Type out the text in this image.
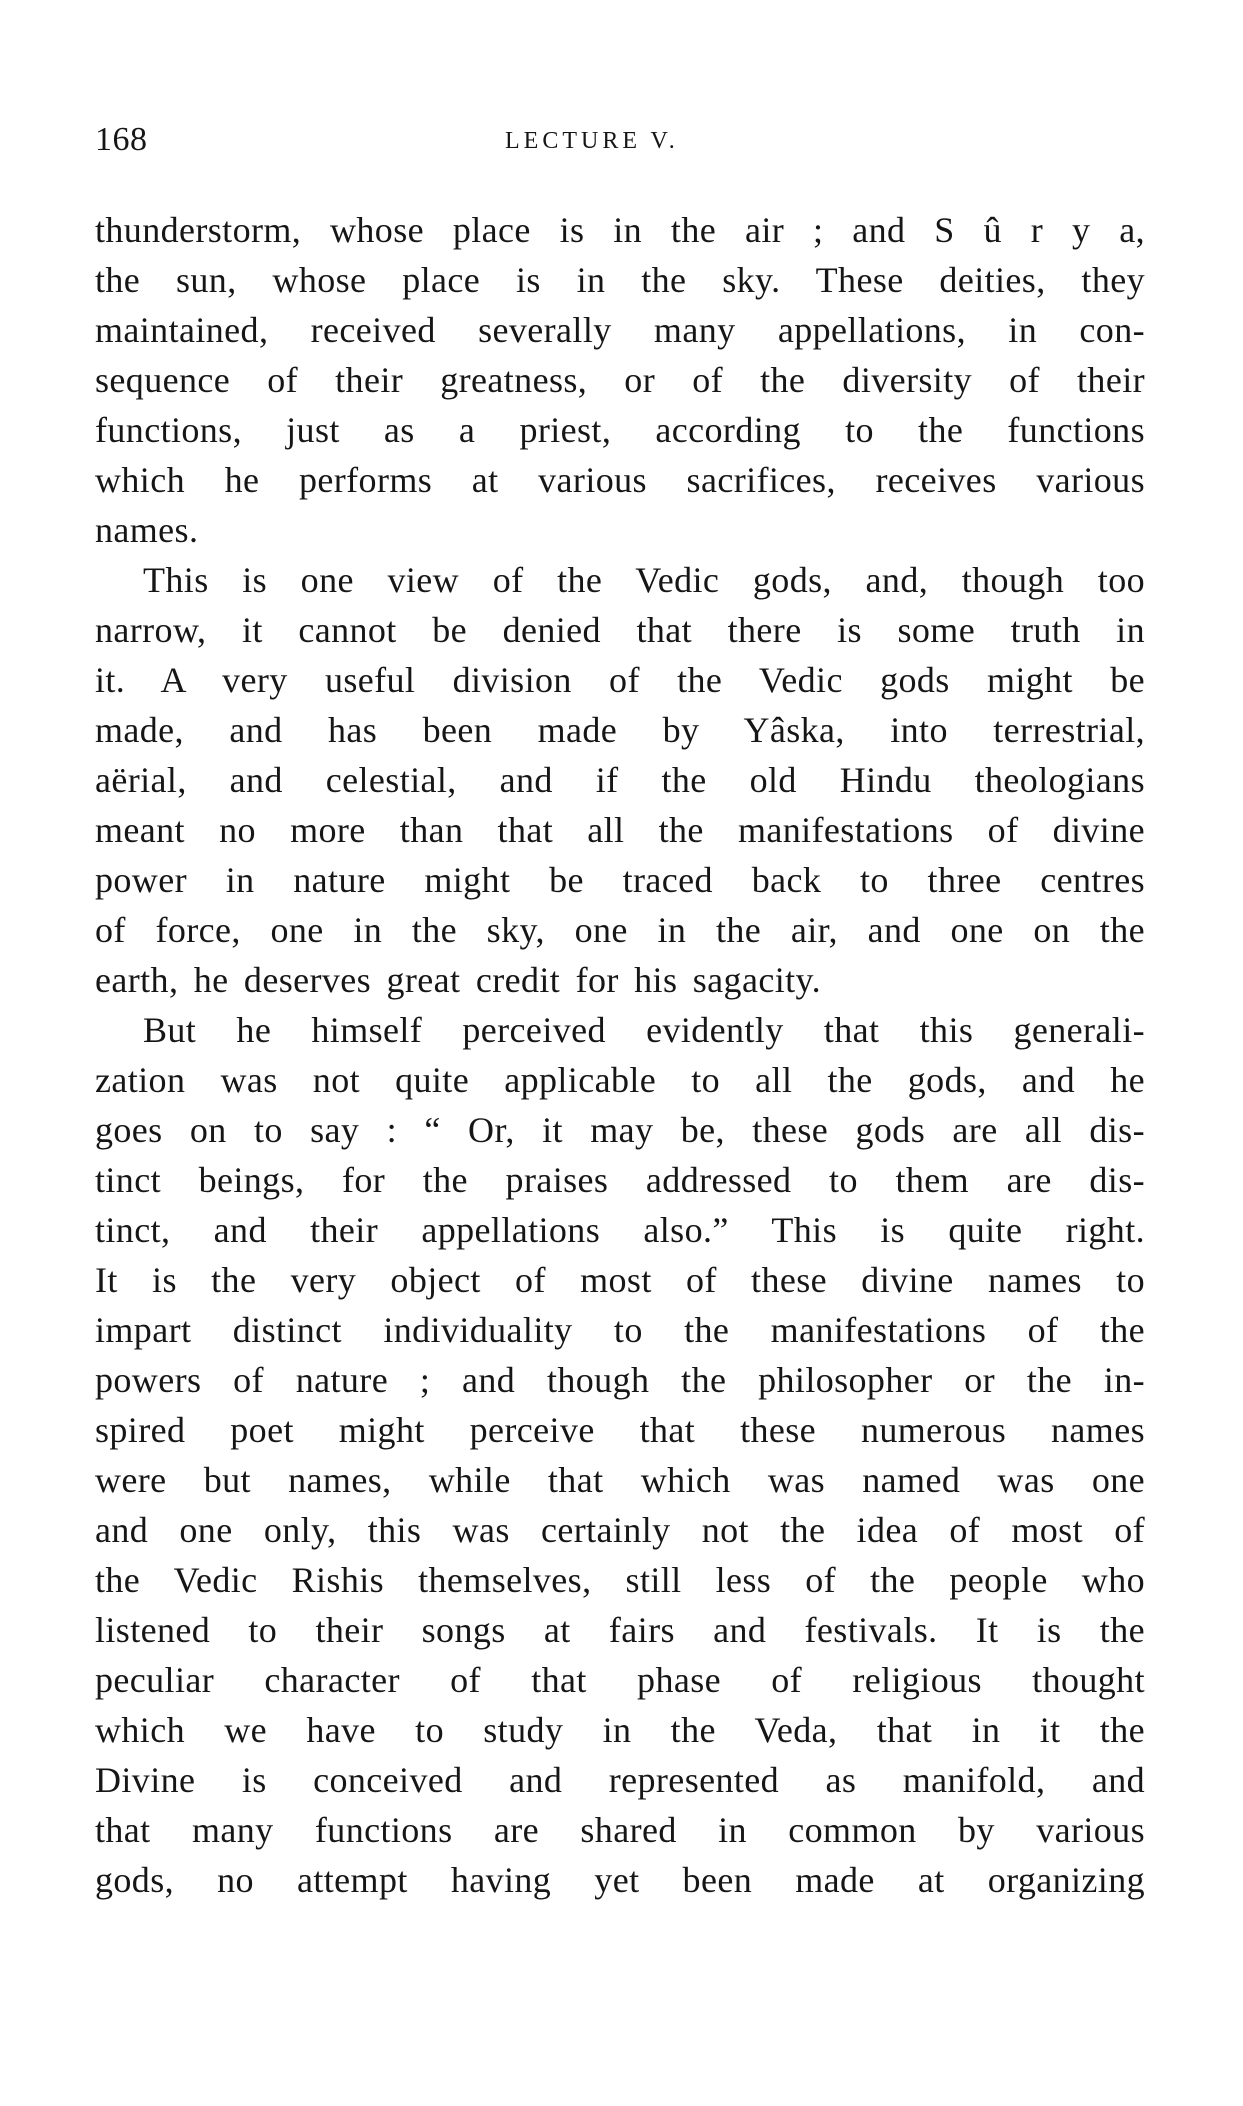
168	LECTURE V.
thunderstorm, whose place is in the air ; and S û r y a,
the sun, whose place is in the sky. These deities, they
maintained, received severally many appellations, in con-
sequence of their greatness, or of the diversity of their
functions, just as a priest, according to the functions
which he performs at various sacrifices, receives various
names.
This is one view of the Vedic gods, and, though too
narrow, it cannot be denied that there is some truth in
it. A very useful division of the Vedic gods might be
made, and has been made by Yâska, into terrestrial,
aërial, and celestial, and if the old Hindu theologians
meant no more than that all the manifestations of divine
power in nature might be traced back to three centres
of force, one in the sky, one in the air, and one on the
earth, he deserves great credit for his sagacity.
But he himself perceived evidently that this generali-
zation was not quite applicable to all the gods, and he
goes on to say : “ Or, it may be, these gods are all dis-
tinct beings, for the praises addressed to them are dis-
tinct, and their appellations also.” This is quite right.
It is the very object of most of these divine names to
impart distinct individuality to the manifestations of the
powers of nature ; and though the philosopher or the in-
spired poet might perceive that these numerous names
were but names, while that which was named was one
and one only, this was certainly not the idea of most of
the Vedic Rishis themselves, still less of the people who
listened to their songs at fairs and festivals. It is the
peculiar character of that phase of religious thought
which we have to study in the Veda, that in it the
Divine is conceived and represented as manifold, and
that many functions are shared in common by various
gods, no attempt having yet been made at organizing
